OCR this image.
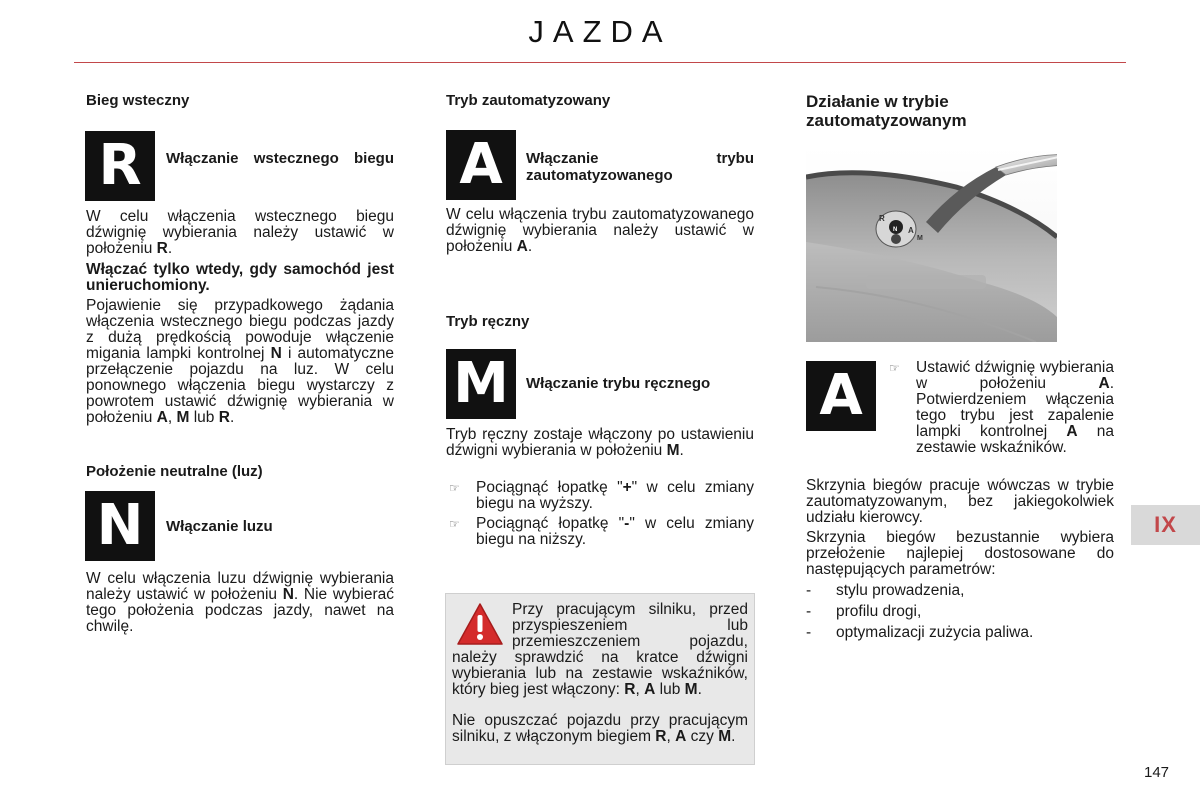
JAZDA
Bieg wsteczny
R	Włączanie wstecznego biegu
W celu włączenia wstecznego biegu dźwignię wybierania należy ustawić w położeniu R.
Włączać tylko wtedy, gdy samochód jest unieruchomiony.
Pojawienie się przypadkowego żądania włączenia wstecznego biegu podczas jazdy z dużą prędkością powoduje włączenie migania lampki kontrolnej N i automatyczne przełączenie pojazdu na luz. W celu ponownego włączenia biegu wystarczy z powrotem ustawić dźwignię wybierania w położeniu A, M lub R.
Położenie neutralne (luz)
N	Włączanie luzu
W celu włączenia luzu dźwignię wybierania należy ustawić w położeniu N. Nie wybierać tego położenia podczas jazdy, nawet na chwilę.
Tryb zautomatyzowany
A	Włączanie trybu zautomatyzowanego
W celu włączenia trybu zautomatyzowanego dźwignię wybierania należy ustawić w położeniu A.
Tryb ręczny
M	Włączanie trybu ręcznego
Tryb ręczny zostaje włączony po ustawieniu dźwigni wybierania w położeniu M.
☞ Pociągnąć łopatkę "+" w celu zmiany biegu na wyższy.
☞ Pociągnąć łopatkę "-" w celu zmiany biegu na niższy.
Przy pracującym silniku, przed przyspieszeniem lub przemieszczeniem pojazdu, należy sprawdzić na kratce dźwigni wybierania lub na zestawie wskaźników, który bieg jest włączony: R, A lub M.
Nie opuszczać pojazdu przy pracującym silniku, z włączonym biegiem R, A czy M.
Działanie w trybie zautomatyzowanym
R
N A
M
A	☞ Ustawić dźwignię wybierania w położeniu A. Potwierdzeniem włączenia tego trybu jest zapalenie lampki kontrolnej A na zestawie wskaźników.
Skrzynia biegów pracuje wówczas w trybie zautomatyzowanym, bez jakiegokolwiek udziału kierowcy.
Skrzynia biegów bezustannie wybiera przełożenie najlepiej dostosowane do następujących parametrów:
- stylu prowadzenia,
- profilu drogi,
- optymalizacji zużycia paliwa.
IX
147
